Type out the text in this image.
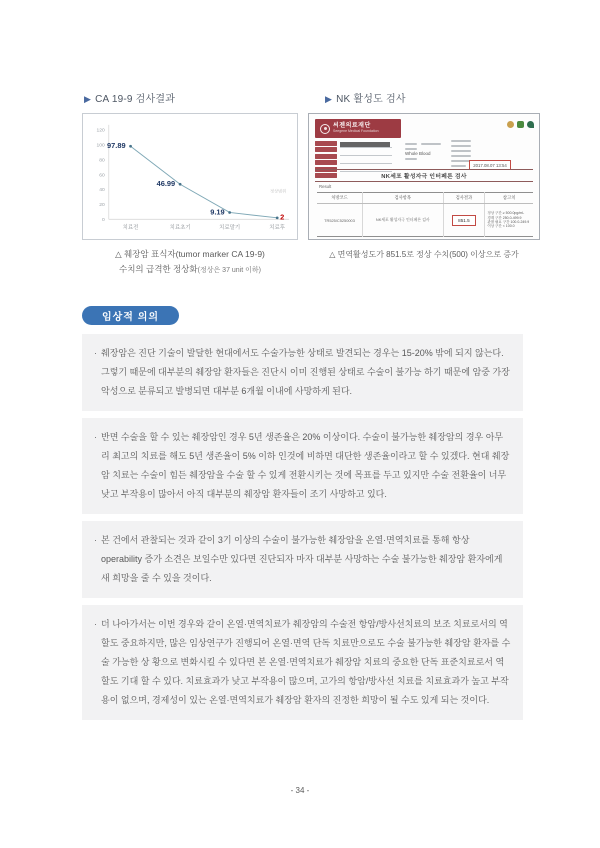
▶ CA 19-9 검사결과	▶ NK 활성도 검사
0
20
40
60
80
100
120
치료전	치료초기	치료말기	치료후
97.89
46.99
9.19
2
정상범위
씨젠의료재단
Seegene Medical Foundation
Whole Blood
2017.08.07 13:54
NK세포 활성자극 인터페론 검사
Result
처방코드	검사항목	검사결과	참고치
TR525/C5250003	NK세포 활성자극 인터페론 검사	851.5	정상 구간 ≥ 500.0pg/mL
경계 구간 250.0-499.9
관찰 필요 구간 100.0-249.9
이상 구간 < 100.0
△ 췌장암 표식자(tumor marker CA 19-9)
수치의 급격한 정상화(정상은 37 unit 이하)
△ 면역활성도가 851.5로 정상 수치(500) 이상으로 증가
임상적 의의
· 췌장암은 진단 기술이 발달한 현대에서도 수술가능한 상태로 발견되는 경우는 15-20% 밖에 되지 않는다. 그렇기 때문에 대부분의 췌장암 환자들은 진단시 이미 진행된 상태로 수술이 불가능 하기 때문에 암중 가장 악성으로 분류되고 발병되면 대부분 6개월 이내에 사망하게 된다.
· 반면 수술을 할 수 있는 췌장암인 경우 5년 생존율은 20% 이상이다. 수술이 불가능한 췌장암의 경우 아무리 최고의 치료를 해도 5년 생존율이 5% 이하 인것에 비하면 대단한 생존율이라고 할 수 있겠다. 현대 췌장암 치료는 수술이 힘든 췌장암을 수술 할 수 있게 전환시키는 것에 목표를 두고 있지만 수술 전환율이 너무 낮고 부작용이 많아서 아직 대부분의 췌장암 환자들이 조기 사망하고 있다.
· 본 건에서 관찰되는 것과 같이 3기 이상의 수술이 불가능한 췌장암을 온열·면역치료를 통해 항상 operability 증가 소견은 보일수만 있다면 진단되자 마자 대부분 사망하는 수술 불가능한 췌장암 환자에게 새 희망을 줄 수 있을 것이다.
· 더 나아가서는 이번 경우와 같이 온열·면역치료가 췌장암의 수술전 항암/방사선치료의 보조 치료로서의 역할도 중요하지만, 많은 임상연구가 진행되어 온열·면역 단독 치료만으로도 수술 불가능한 췌장암 환자를 수술 가능한 상 황으로 변화시킬 수 있다면 본 온열·면역치료가 췌장암 치료의 중요한 단독 표준치료로서 역할도 기대 할 수 있다. 치료효과가 낮고 부작용이 많으며, 고가의 항암/방사선 치료를 치료효과가 높고 부작용이 없으며, 경제성이 있는 온열·면역치료가 췌장암 환자의 진정한 희망이 될 수도 있게 되는 것이다.
- 34 -
